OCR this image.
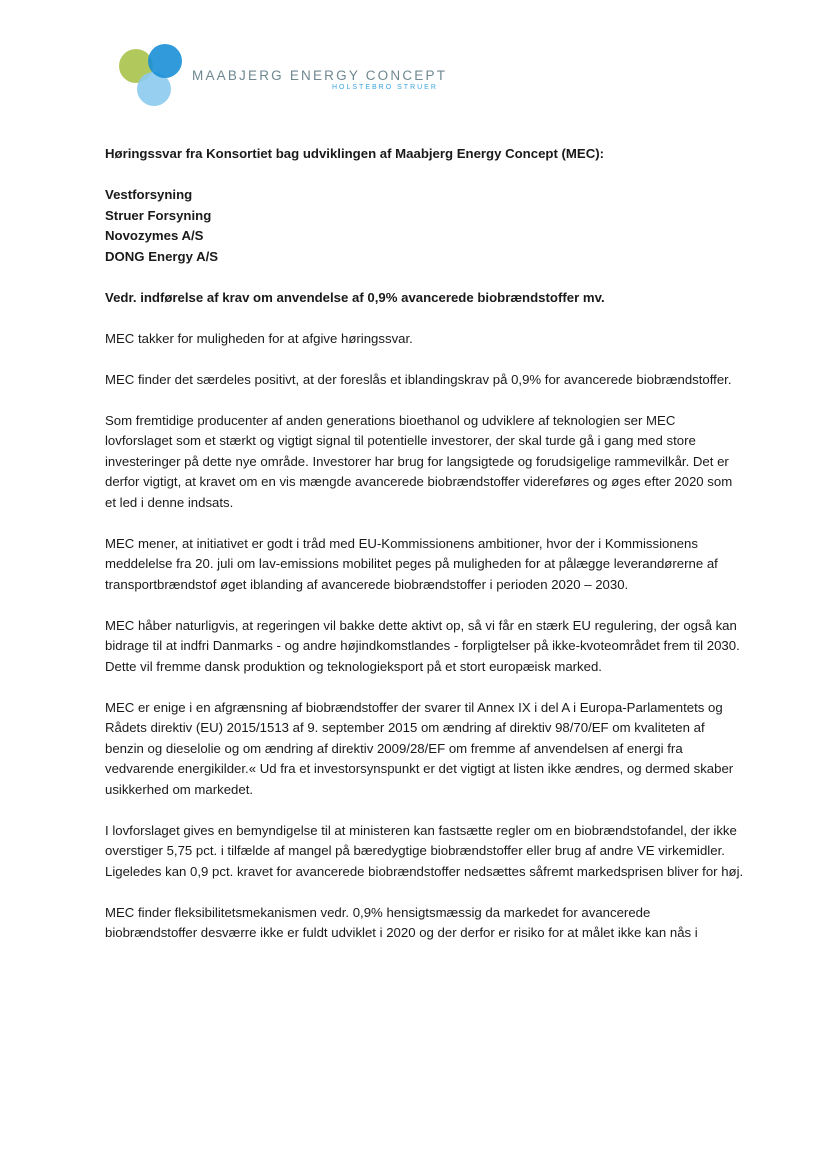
MAABJERG ENERGY CONCEPT
HOLSTEBRO STRUER

Høringssvar fra Konsortiet bag udviklingen af Maabjerg Energy Concept (MEC):

Vestforsyning
Struer Forsyning
Novozymes A/S
DONG Energy A/S

Vedr. indførelse af krav om anvendelse af 0,9% avancerede biobrændstoffer mv.

MEC takker for muligheden for at afgive høringssvar.

MEC finder det særdeles positivt, at der foreslås et iblandingskrav på 0,9% for avancerede biobrændstoffer.

Som fremtidige producenter af anden generations bioethanol og udviklere af teknologien ser MEC lovforslaget som et stærkt og vigtigt signal til potentielle investorer, der skal turde gå i gang med store investeringer på dette nye område. Investorer har brug for langsigtede og forudsigelige rammevilkår. Det er derfor vigtigt, at kravet om en vis mængde avancerede biobrændstoffer videreføres og øges efter 2020 som et led i denne indsats.

MEC mener, at initiativet er godt i tråd med EU-Kommissionens ambitioner, hvor der i Kommissionens meddelelse fra 20. juli om lav-emissions mobilitet peges på muligheden for at pålægge leverandørerne af transportbrændstof øget iblanding af avancerede biobrændstoffer i perioden 2020 – 2030.

MEC håber naturligvis, at regeringen vil bakke dette aktivt op, så vi får en stærk EU regulering, der også kan bidrage til at indfri Danmarks - og andre højindkomstlandes - forpligtelser på ikke-kvoteområdet frem til 2030. Dette vil fremme dansk produktion og teknologieksport på et stort europæisk marked.

MEC er enige i en afgrænsning af biobrændstoffer der svarer til Annex IX i del A i Europa-Parlamentets og Rådets direktiv (EU) 2015/1513 af 9. september 2015 om ændring af direktiv 98/70/EF om kvaliteten af benzin og dieselolie og om ændring af direktiv 2009/28/EF om fremme af anvendelsen af energi fra vedvarende energikilder.« Ud fra et investorsynspunkt er det vigtigt at listen ikke ændres, og dermed skaber usikkerhed om markedet.

I lovforslaget gives en bemyndigelse til at ministeren kan fastsætte regler om en biobrændstofandel, der ikke overstiger 5,75 pct. i tilfælde af mangel på bæredygtige biobrændstoffer eller brug af andre VE virkemidler. Ligeledes kan 0,9 pct. kravet for avancerede biobrændstoffer nedsættes såfremt markedsprisen bliver for høj.

MEC finder fleksibilitetsmekanismen vedr. 0,9% hensigtsmæssig da markedet for avancerede biobrændstoffer desværre ikke er fuldt udviklet i 2020 og der derfor er risiko for at målet ikke kan nås i
